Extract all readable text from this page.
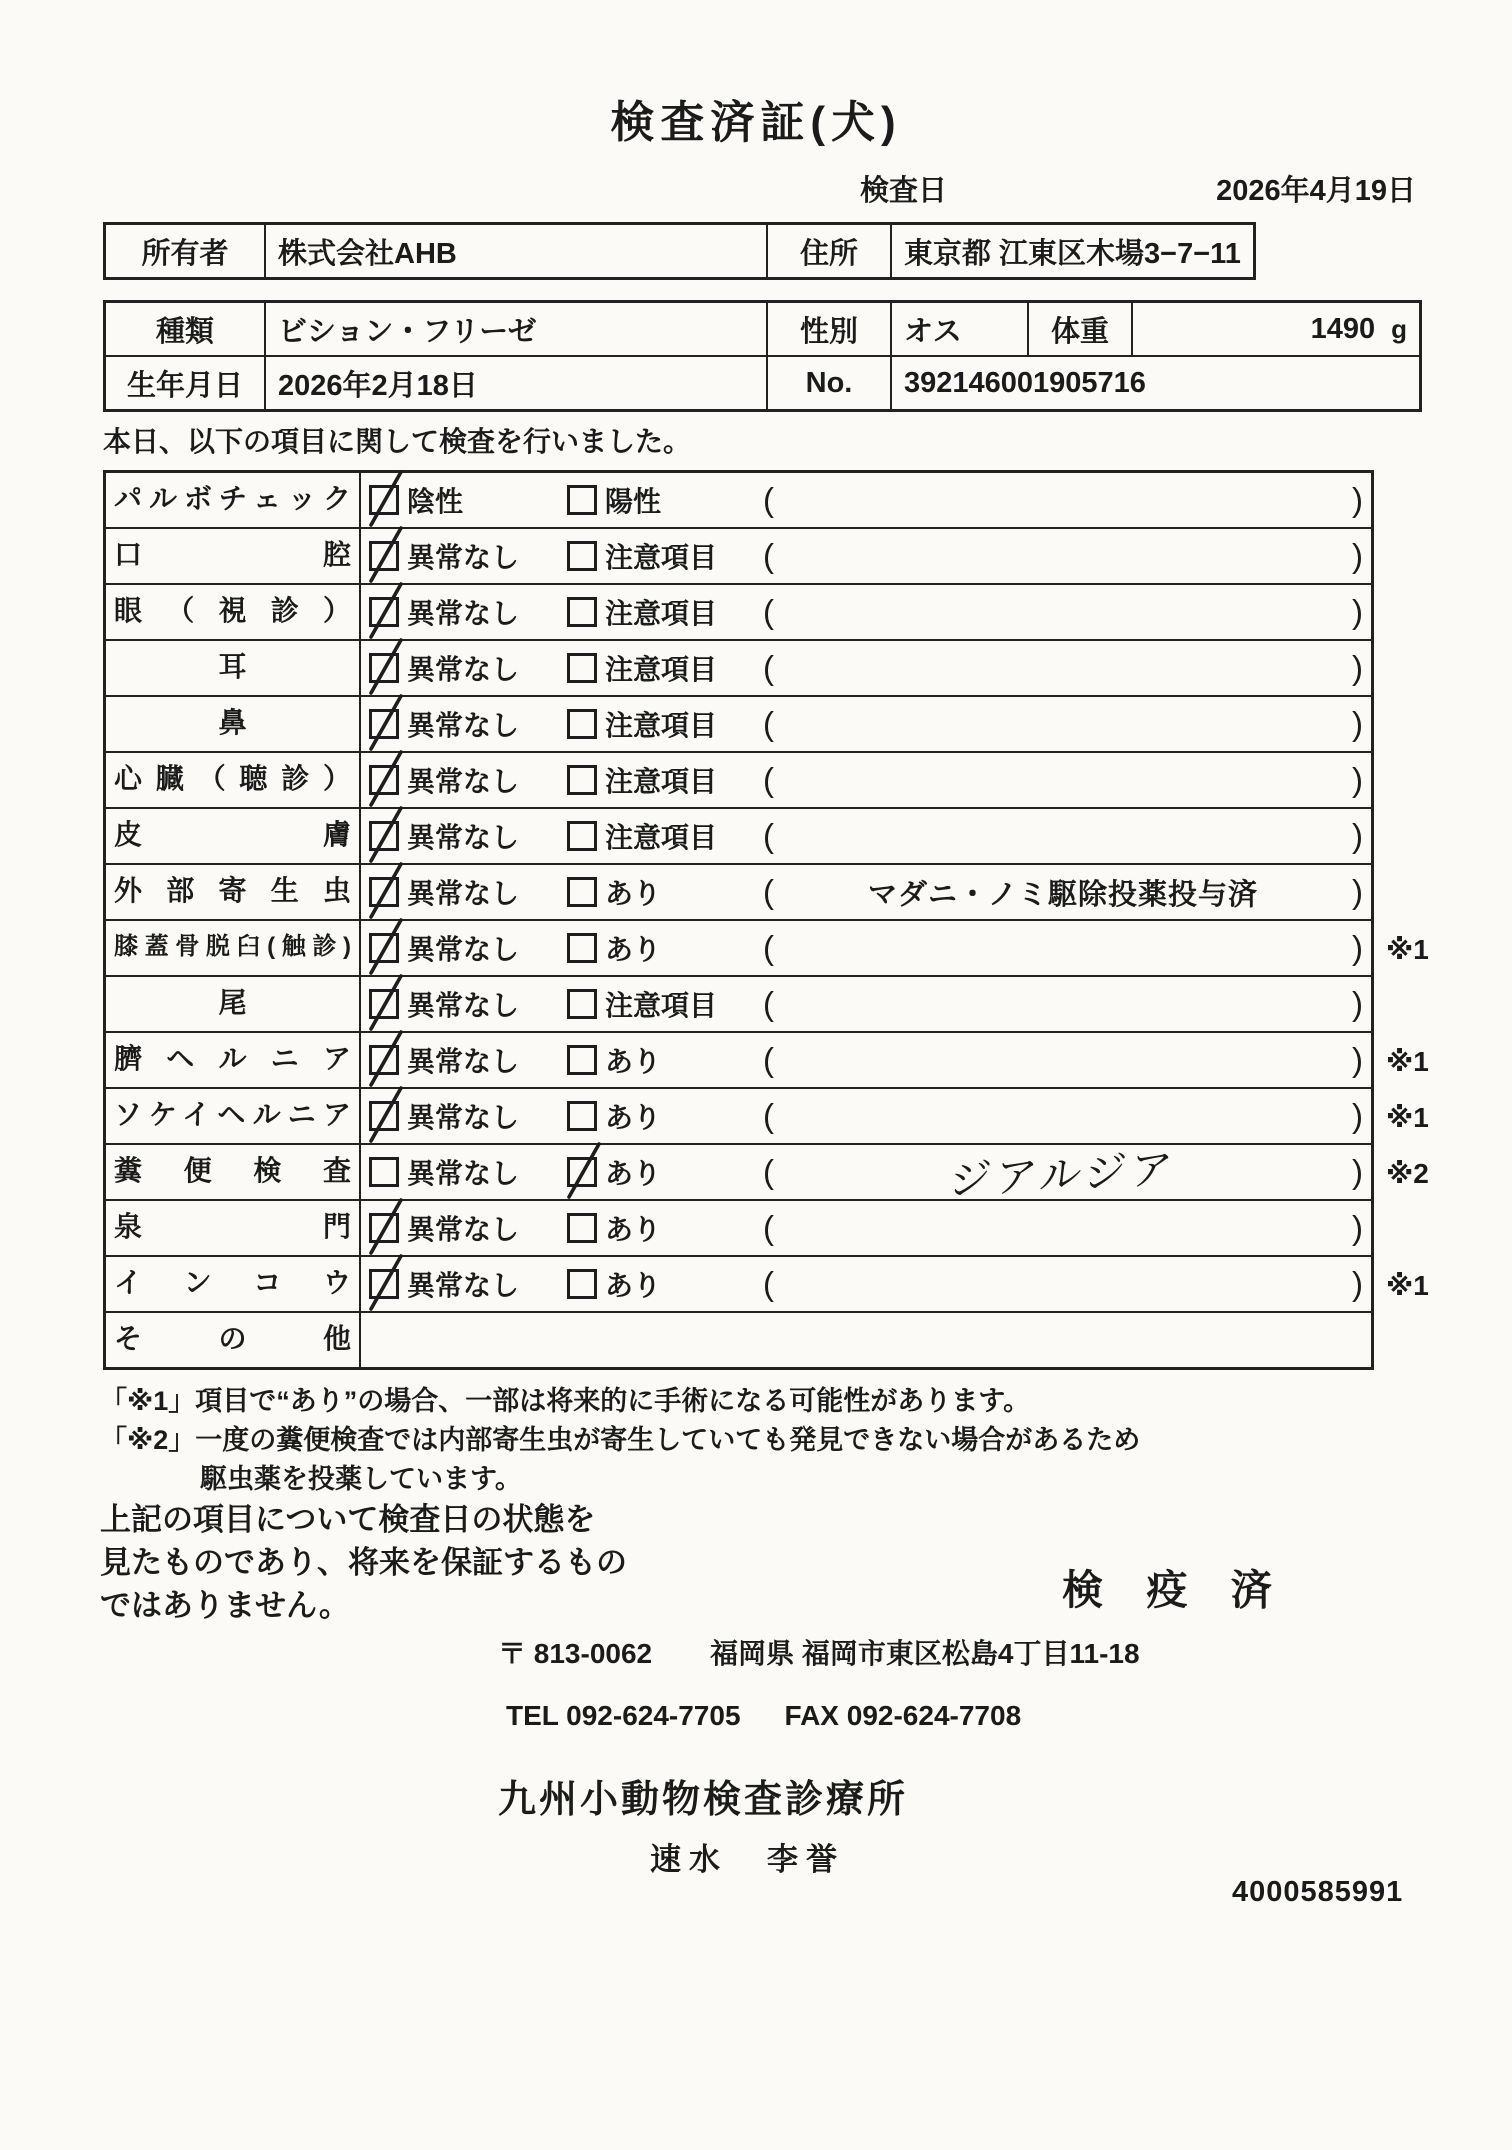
検査済証(犬)
検査日	2026年4月19日
所有者	株式会社AHB	住所	東京都 江東区木場3−7−11
種類	ビション・フリーゼ	性別	オス	体重	1490 g
生年月日	2026年2月18日	No.	392146001905716
本日、以下の項目に関して検査を行いました。
パルボチェック	陰性	陽性	(	)
口腔	異常なし	注意項目 (	)
眼（視診）	異常なし	注意項目 (	)
耳	異常なし	注意項目 (	)
鼻	異常なし	注意項目 (	)
心臓（聴診）	異常なし	注意項目 (	)
皮膚	異常なし	注意項目 (	)
外部寄生虫	異常なし	あり	(	マダニ・ノミ駆除投薬投与済	)
膝蓋骨脱臼(触診)	異常なし	あり	(	) ※1
尾	異常なし	注意項目 (	)
臍ヘルニア	異常なし	あり	(	) ※1
ソケイヘルニア	異常なし	あり	(	) ※1
糞便検査	異常なし	あり	(	ジアルジア	) ※2
泉門	異常なし	あり	(	)
インコウ	異常なし	あり	(	) ※1
その他
「※1」項目で“あり”の場合、一部は将来的に手術になる可能性があります。
「※2」一度の糞便検査では内部寄生虫が寄生していても発見できない場合があるため
駆虫薬を投薬しています。
上記の項目について検査日の状態を
見たものであり、将来を保証するもの
ではありません。	検 疫 済
〒 813-0062 福岡県 福岡市東区松島4丁目11-18
TEL 092-624-7705 FAX 092-624-7708
九州小動物検査診療所
速水　李誉
4000585991
